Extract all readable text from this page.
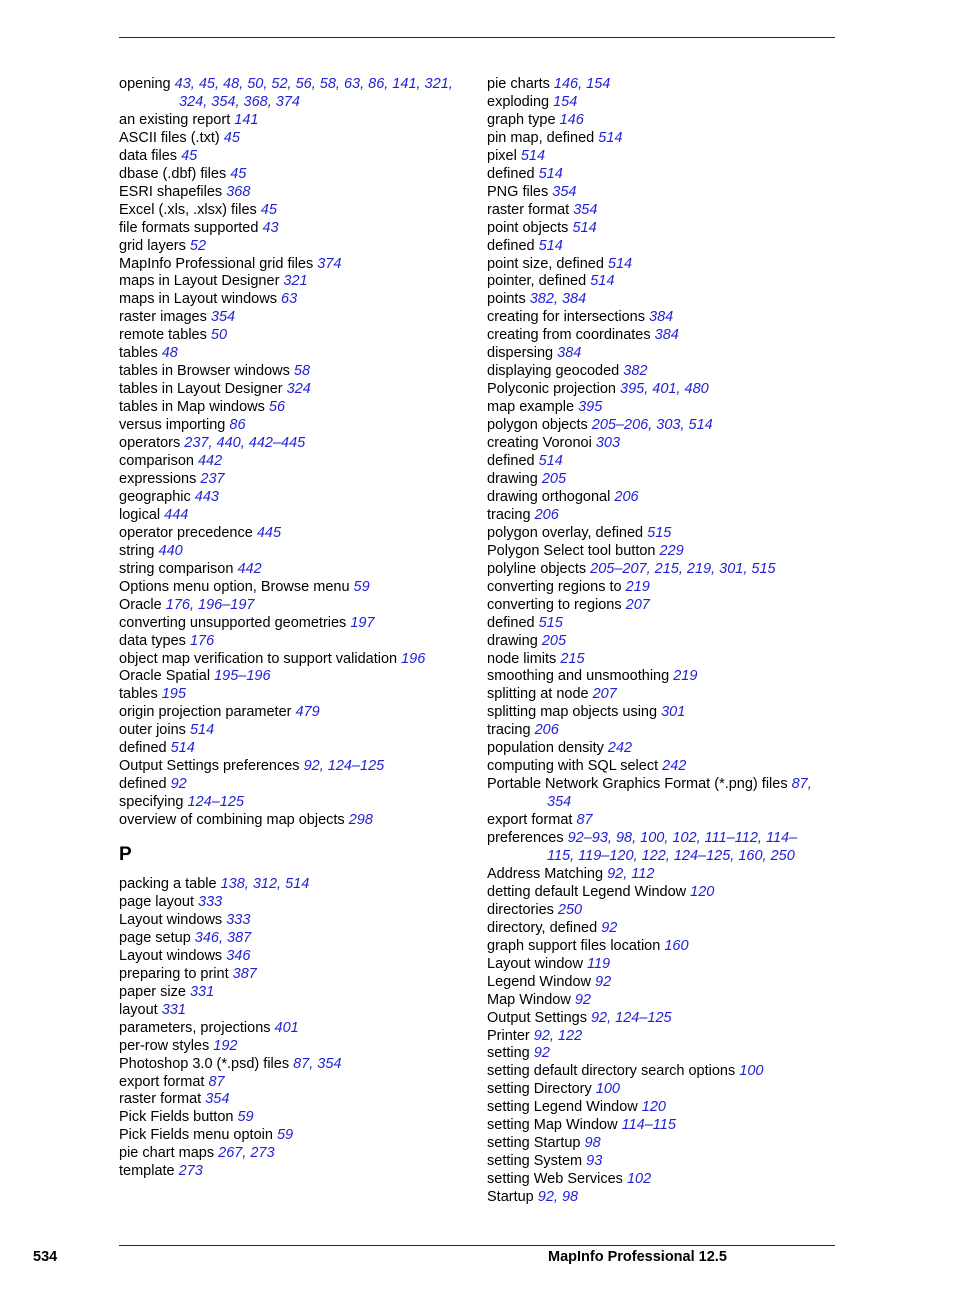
opening 43, 45, 48, 50, 52, 56, 58, 63, 86, 141, 321,
324, 354, 368, 374
an existing report 141
ASCII files (.txt) 45
data files 45
dbase (.dbf) files 45
ESRI shapefiles 368
Excel (.xls, .xlsx) files 45
file formats supported 43
grid layers 52
MapInfo Professional grid files 374
maps in Layout Designer 321
maps in Layout windows 63
raster images 354
remote tables 50
tables 48
tables in Browser windows 58
tables in Layout Designer 324
tables in Map windows 56
versus importing 86
operators 237, 440, 442–445
comparison 442
expressions 237
geographic 443
logical 444
operator precedence 445
string 440
string comparison 442
Options menu option, Browse menu 59
Oracle 176, 196–197
converting unsupported geometries 197
data types 176
object map verification to support validation 196
Oracle Spatial 195–196
tables 195
origin projection parameter 479
outer joins 514
defined 514
Output Settings preferences 92, 124–125
defined 92
specifying 124–125
overview of combining map objects 298
P
packing a table 138, 312, 514
page layout 333
Layout windows 333
page setup 346, 387
Layout windows 346
preparing to print 387
paper size 331
layout 331
parameters, projections 401
per-row styles 192
Photoshop 3.0 (*.psd) files 87, 354
export format 87
raster format 354
Pick Fields button 59
Pick Fields menu optoin 59
pie chart maps 267, 273
template 273
pie charts 146, 154
exploding 154
graph type 146
pin map, defined 514
pixel 514
defined 514
PNG files 354
raster format 354
point objects 514
defined 514
point size, defined 514
pointer, defined 514
points 382, 384
creating for intersections 384
creating from coordinates 384
dispersing 384
displaying geocoded 382
Polyconic projection 395, 401, 480
map example 395
polygon objects 205–206, 303, 514
creating Voronoi 303
defined 514
drawing 205
drawing orthogonal 206
tracing 206
polygon overlay, defined 515
Polygon Select tool button 229
polyline objects 205–207, 215, 219, 301, 515
converting regions to 219
converting to regions 207
defined 515
drawing 205
node limits 215
smoothing and unsmoothing 219
splitting at node 207
splitting map objects using 301
tracing 206
population density 242
computing with SQL select 242
Portable Network Graphics Format (*.png) files 87,
354
export format 87
preferences 92–93, 98, 100, 102, 111–112, 114–
115, 119–120, 122, 124–125, 160, 250
Address Matching 92, 112
detting default Legend Window 120
directories 250
directory, defined 92
graph support files location 160
Layout window 119
Legend Window 92
Map Window 92
Output Settings 92, 124–125
Printer 92, 122
setting 92
setting default directory search options 100
setting Directory 100
setting Legend Window 120
setting Map Window 114–115
setting Startup 98
setting System 93
setting Web Services 102
Startup 92, 98
534	MapInfo Professional 12.5
